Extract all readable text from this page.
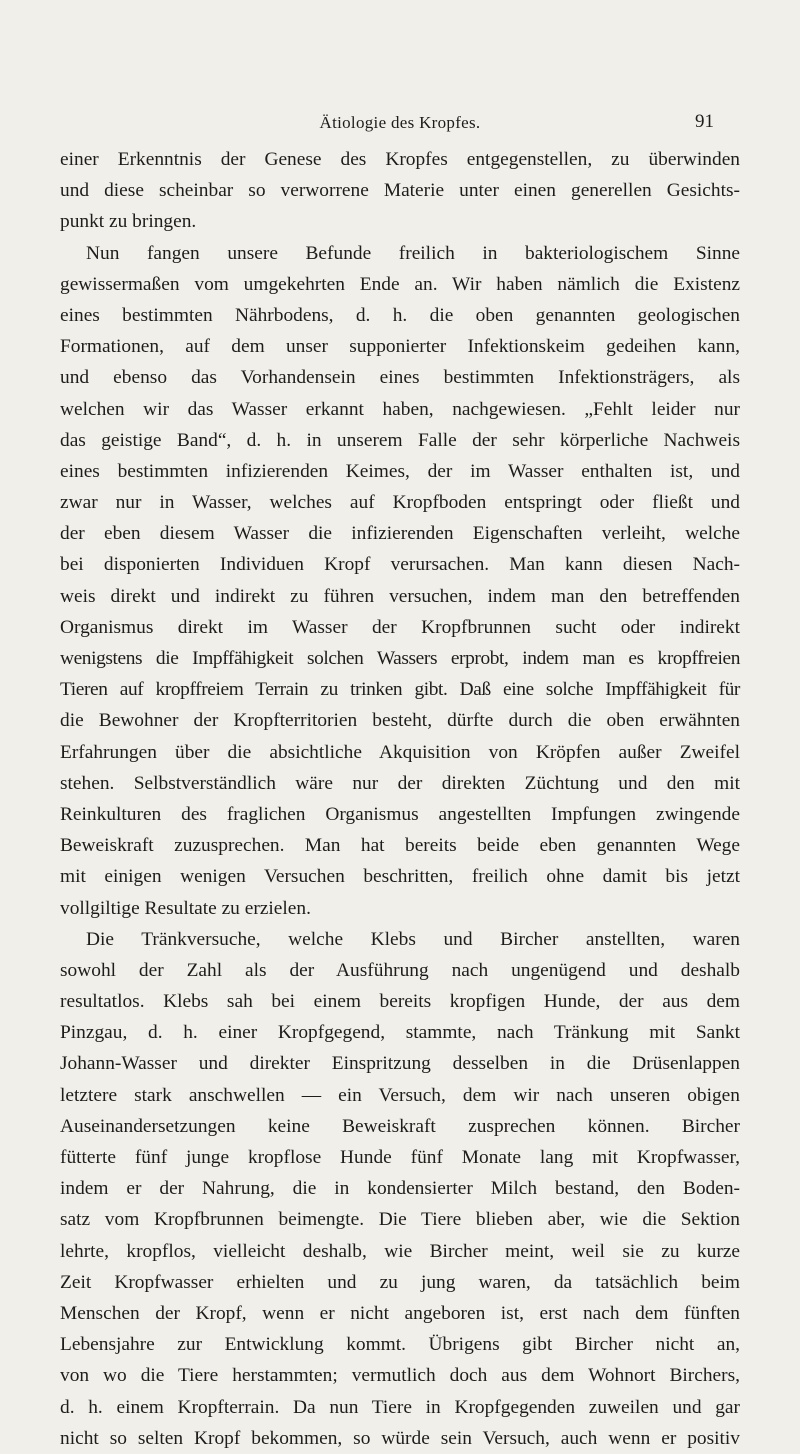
Ätiologie des Kropfes.	91
einer Erkenntnis der Genese des Kropfes entgegenstellen, zu überwinden
und diese scheinbar so verworrene Materie unter einen generellen Gesichts-
punkt zu bringen.
Nun fangen unsere Befunde freilich in bakteriologischem Sinne
gewissermaßen vom umgekehrten Ende an. Wir haben nämlich die Existenz
eines bestimmten Nährbodens, d. h. die oben genannten geologischen
Formationen, auf dem unser supponierter Infektionskeim gedeihen kann,
und ebenso das Vorhandensein eines bestimmten Infektionsträgers, als
welchen wir das Wasser erkannt haben, nachgewiesen. „Fehlt leider nur
das geistige Band“, d. h. in unserem Falle der sehr körperliche Nachweis
eines bestimmten infizierenden Keimes, der im Wasser enthalten ist, und
zwar nur in Wasser, welches auf Kropfboden entspringt oder fließt und
der eben diesem Wasser die infizierenden Eigenschaften verleiht, welche
bei disponierten Individuen Kropf verursachen. Man kann diesen Nach-
weis direkt und indirekt zu führen versuchen, indem man den betreffenden
Organismus direkt im Wasser der Kropfbrunnen sucht oder indirekt
wenigstens die Impffähigkeit solchen Wassers erprobt, indem man es kropffreien
Tieren auf kropffreiem Terrain zu trinken gibt. Daß eine solche Impffähigkeit für
die Bewohner der Kropfterritorien besteht, dürfte durch die oben erwähnten
Erfahrungen über die absichtliche Akquisition von Kröpfen außer Zweifel
stehen. Selbstverständlich wäre nur der direkten Züchtung und den mit
Reinkulturen des fraglichen Organismus angestellten Impfungen zwingende
Beweiskraft zuzusprechen. Man hat bereits beide eben genannten Wege
mit einigen wenigen Versuchen beschritten, freilich ohne damit bis jetzt
vollgiltige Resultate zu erzielen.
Die Tränkversuche, welche Klebs und Bircher anstellten, waren
sowohl der Zahl als der Ausführung nach ungenügend und deshalb
resultatlos. Klebs sah bei einem bereits kropfigen Hunde, der aus dem
Pinzgau, d. h. einer Kropfgegend, stammte, nach Tränkung mit Sankt
Johann-Wasser und direkter Einspritzung desselben in die Drüsenlappen
letztere stark anschwellen — ein Versuch, dem wir nach unseren obigen
Auseinandersetzungen keine Beweiskraft zusprechen können. Bircher
fütterte fünf junge kropflose Hunde fünf Monate lang mit Kropfwasser,
indem er der Nahrung, die in kondensierter Milch bestand, den Boden-
satz vom Kropfbrunnen beimengte. Die Tiere blieben aber, wie die Sektion
lehrte, kropflos, vielleicht deshalb, wie Bircher meint, weil sie zu kurze
Zeit Kropfwasser erhielten und zu jung waren, da tatsächlich beim
Menschen der Kropf, wenn er nicht angeboren ist, erst nach dem fünften
Lebensjahre zur Entwicklung kommt. Übrigens gibt Bircher nicht an,
von wo die Tiere herstammten; vermutlich doch aus dem Wohnort Birchers,
d. h. einem Kropfterrain. Da nun Tiere in Kropfgegenden zuweilen und gar
nicht so selten Kropf bekommen, so würde sein Versuch, auch wenn er positiv
